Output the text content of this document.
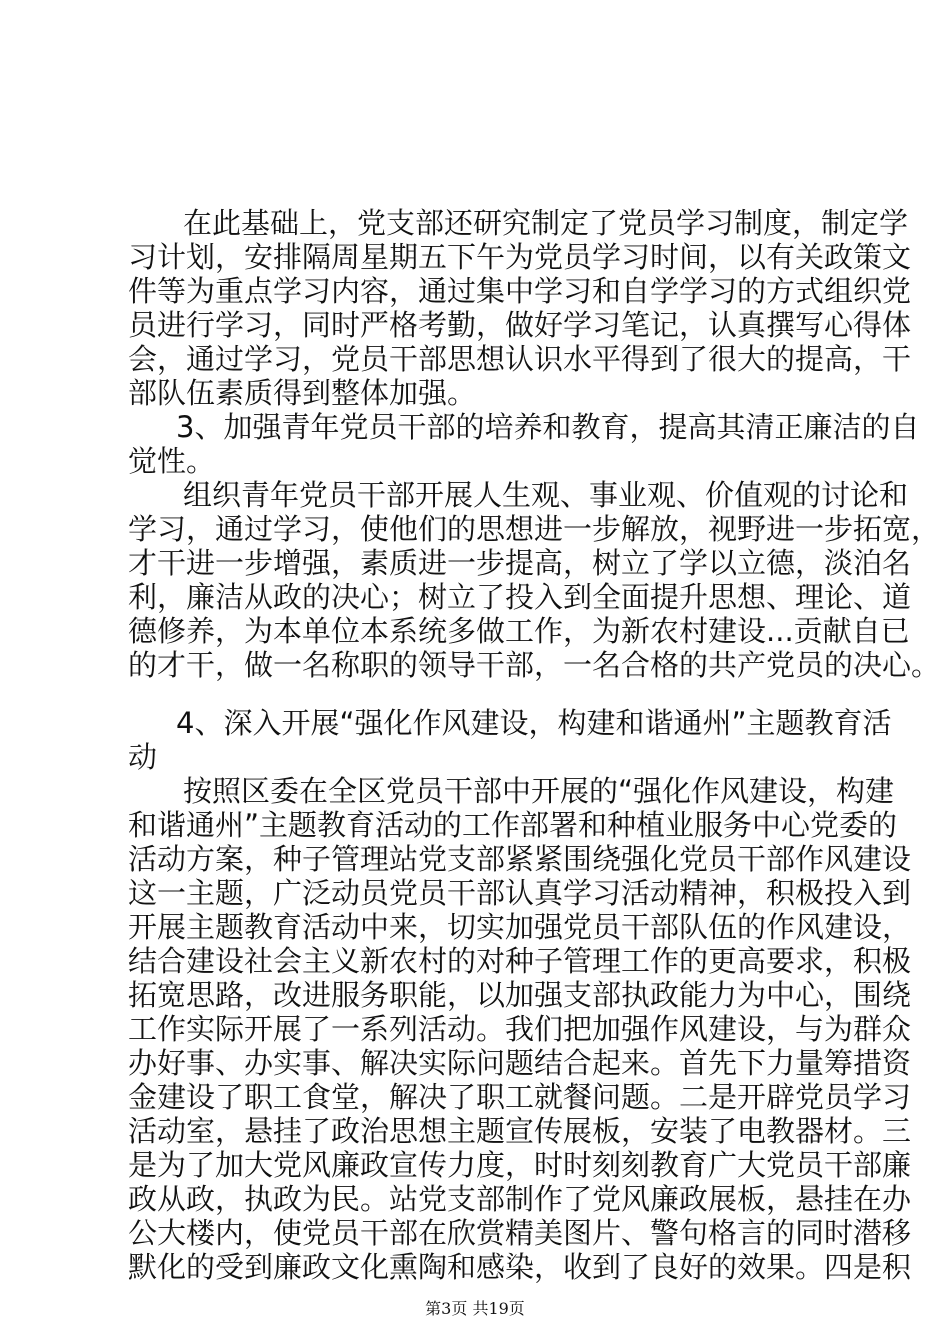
在此基础上，党支部还研究制定了党员学习制度，制定学
习计划，安排隔周星期五下午为党员学习时间，以有关政策文
件等为重点学习内容，通过集中学习和自学学习的方式组织党
员进行学习，同时严格考勤，做好学习笔记，认真撰写心得体
会，通过学习，党员干部思想认识水平得到了很大的提高，干
部队伍素质得到整体加强。
3、加强青年党员干部的培养和教育，提高其清正廉洁的自
觉性。
组织青年党员干部开展人生观、事业观、价值观的讨论和
学习，通过学习，使他们的思想进一步解放，视野进一步拓宽，
才干进一步增强，素质进一步提高，树立了学以立德，淡泊名
利，廉洁从政的决心；树立了投入到全面提升思想、理论、道
德修养，为本单位本系统多做工作，为新农村建设...贡献自已
的才干，做一名称职的领导干部，一名合格的共产党员的决心。
4、深入开展“强化作风建设，构建和谐通州”主题教育活
动
按照区委在全区党员干部中开展的“强化作风建设，构建
和谐通州”主题教育活动的工作部署和种植业服务中心党委的
活动方案，种子管理站党支部紧紧围绕强化党员干部作风建设
这一主题，广泛动员党员干部认真学习活动精神，积极投入到
开展主题教育活动中来，切实加强党员干部队伍的作风建设，
结合建设社会主义新农村的对种子管理工作的更高要求，积极
拓宽思路，改进服务职能，以加强支部执政能力为中心，围绕
工作实际开展了一系列活动。我们把加强作风建设，与为群众
办好事、办实事、解决实际问题结合起来。首先下力量筹措资
金建设了职工食堂，解决了职工就餐问题。二是开辟党员学习
活动室，悬挂了政治思想主题宣传展板，安装了电教器材。三
是为了加大党风廉政宣传力度，时时刻刻教育广大党员干部廉
政从政，执政为民。站党支部制作了党风廉政展板，悬挂在办
公大楼内，使党员干部在欣赏精美图片、警句格言的同时潜移
默化的受到廉政文化熏陶和感染，收到了良好的效果。四是积
第3页 共19页
